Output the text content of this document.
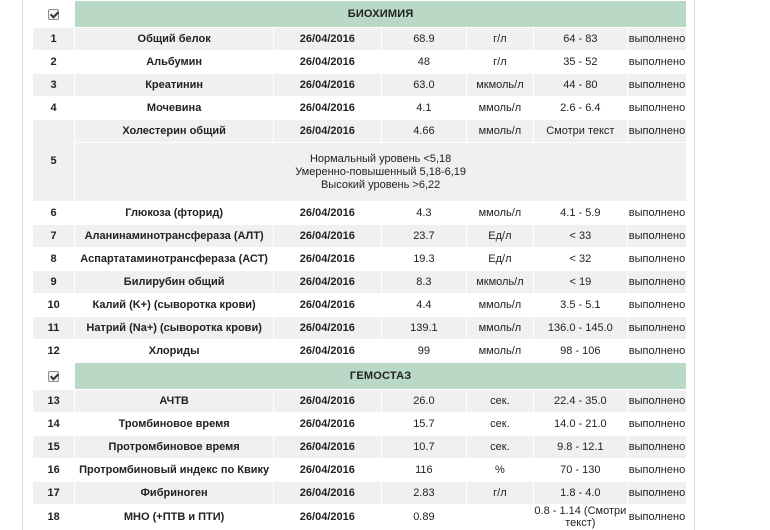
	БИОХИМИЯ					
1	Общий белок	26/04/2016	68.9	г/л	64 - 83	выполнено
2	Альбумин	26/04/2016	48	г/л	35 - 52	выполнено
3	Креатинин	26/04/2016	63.0	мкмоль/л	44 - 80	выполнено
4	Мочевина	26/04/2016	4.1	ммоль/л	2.6 - 6.4	выполнено
5	Холестерин общий	26/04/2016	4.66	ммоль/л	Смотри текст	выполнено

	Нормальный уровень <5,18
Умеренно-повышенный 5,18-6,19
Высокий уровень >6,22					

6	Глюкоза (фторид)	26/04/2016	4.3	ммоль/л	4.1 - 5.9	выполнено
7	Аланинаминотрансфераза (АЛТ)	26/04/2016	23.7	Ед/л	< 33	выполнено
8	Аспартатаминотрансфераза (АСТ)	26/04/2016	19.3	Ед/л	< 32	выполнено
9	Билирубин общий	26/04/2016	8.3	мкмоль/л	< 19	выполнено
10	Калий (K+) (сыворотка крови)	26/04/2016	4.4	ммоль/л	3.5 - 5.1	выполнено
11	Натрий (Na+) (сыворотка крови)	26/04/2016	139.1	ммоль/л	136.0 - 145.0	выполнено
12	Хлориды	26/04/2016	99	ммоль/л	98 - 106	выполнено
	ГЕМОСТАЗ					
13	АЧТВ	26/04/2016	26.0	сек.	22.4 - 35.0	выполнено
14	Тромбиновое время	26/04/2016	15.7	сек.	14.0 - 21.0	выполнено
15	Протромбиновое время	26/04/2016	10.7	сек.	9.8 - 12.1	выполнено
16	Протромбиновый индекс по Квику	26/04/2016	116	%	70 - 130	выполнено
17	Фибриноген	26/04/2016	2.83	г/л	1.8 - 4.0	выполнено
18	МНО (+ПТВ и ПТИ)	26/04/2016	0.89		0.8 - 1.14 (Смотри текст)	выполнено
